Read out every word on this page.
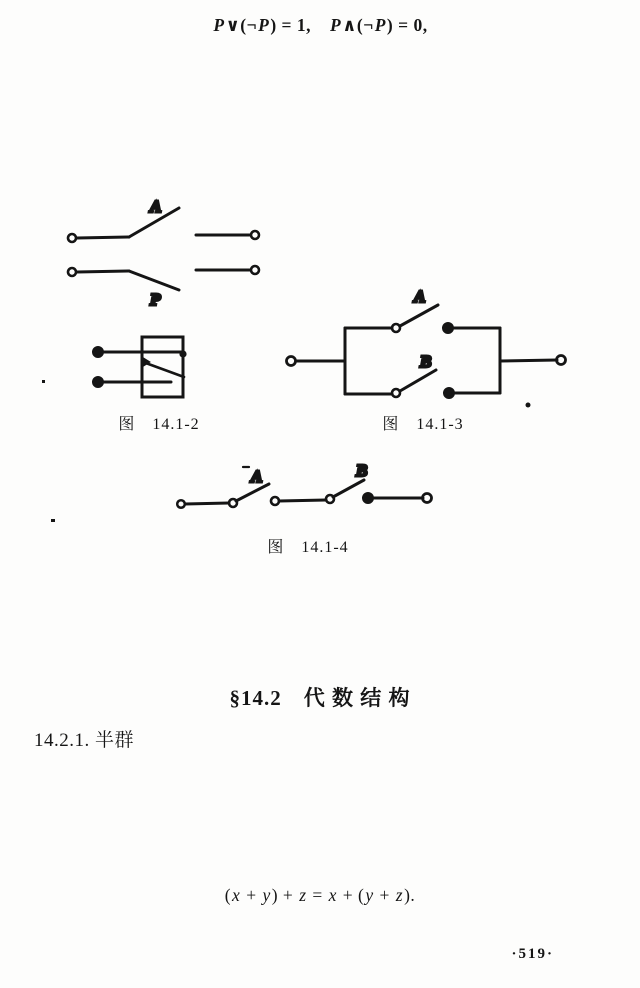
P∨(¬P) = 1,　P∧(¬P) = 0,
A
P	A
B
A	B
图　14.1-2	图　14.1-3
图　14.1-4
§14.2　代 数 结 构
14.2.1. 半群
(x + y) + z = x + (y + z).
·519·
